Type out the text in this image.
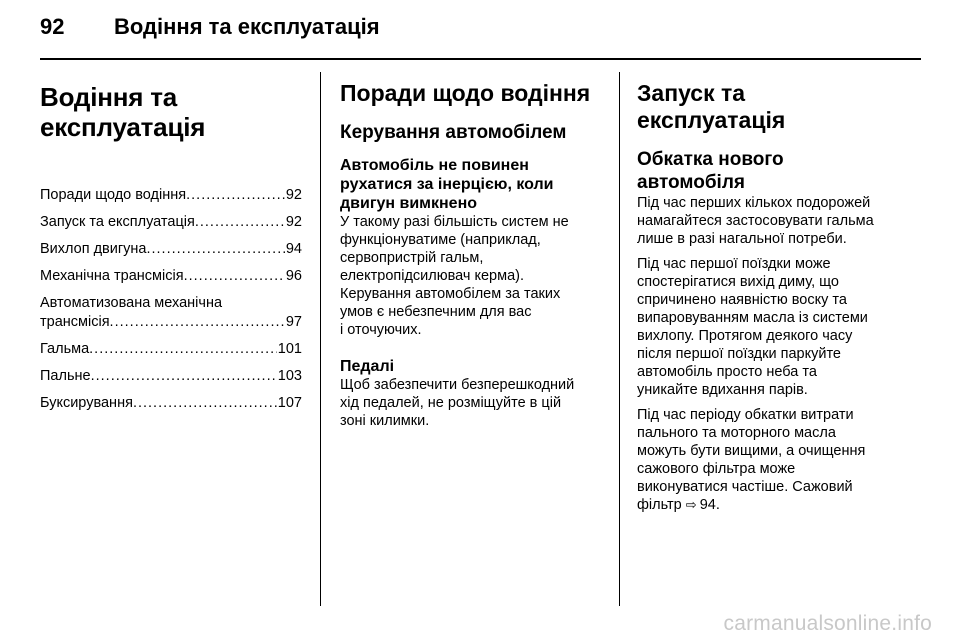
92 Водіння та експлуатація
Водіння та
експлуатація
Поради щодо водіння .....	92
Запуск та експлуатація .....	92
Вихлоп двигуна .....	94
Механічна трансмісія .....	96
Автоматизована механічна
трансмісія .....	97
Гальма .....	101
Пальне .....	103
Буксирування .....	107
Поради щодо водіння
Керування автомобілем
Автомобіль не повинен
рухатися за інерцією, коли
двигун вимкнено

У такому разі більшість систем не
функціонуватиме (наприклад,
сервопристрій гальм,
електропідсилювач керма).
Керування автомобілем за таких
умов є небезпечним для вас
і оточуючих.

Педалі

Щоб забезпечити безперешкодний
хід педалей, не розміщуйте в цій
зоні килимки.

Запуск та
експлуатація
Обкатка нового
автомобіля

Під час перших кількох подорожей
намагайтеся застосовувати гальма
лише в разі нагальної потреби.

Під час першої поїздки може
спостерігатися вихід диму, що
спричинено наявністю воску та
випаровуванням масла із системи
вихлопу. Протягом деякого часу
після першої поїздки паркуйте
автомобіль просто неба та
уникайте вдихання парів.

Під час періоду обкатки витрати
пального та моторного масла
можуть бути вищими, а очищення
сажового фільтра може
виконуватися частіше. Сажовий
фільтр ⇨ 94.

carmanualsonline.info
